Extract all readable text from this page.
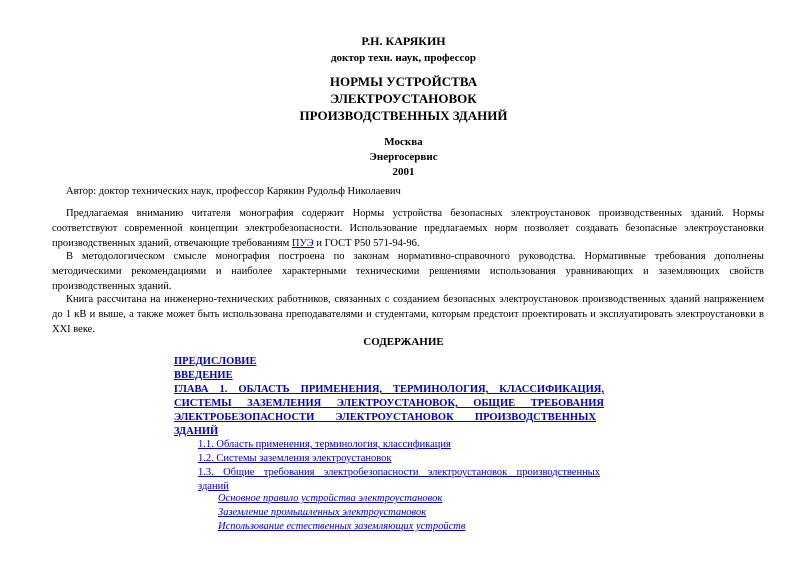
Р.Н. КАРЯКИН
доктор техн. наук, профессор
НОРМЫ УСТРОЙСТВА
ЭЛЕКТРОУСТАНОВОК
ПРОИЗВОДСТВЕННЫХ ЗДАНИЙ
Москва
Энергосервис
2001
Автор: доктор технических наук, профессор Карякин Рудольф Николаевич

Предлагаемая вниманию читателя монография содержит Нормы устройства безопасных электроустановок производственных зданий. Нормы соответствуют современной концепции электробезопасности. Использование предлагаемых норм позволяет создавать безопасные электроустановки производственных зданий, отвечающие требованиям ПУЭ и ГОСТ Р50 571-94-96.

В методологическом смысле монография построена по законам нормативно-справочного руководства. Нормативные требования дополнены методическими рекомендациями и наиболее характерными техническими решениями использования уравнивающих и заземляющих свойств производственных зданий.

Книга рассчитана на инженерно-технических работников, связанных с созданием безопасных электроустановок производственных зданий напряжением до 1 кВ и выше, а также может быть использована преподавателями и студентами, которым предстоит проектировать и эксплуатировать электроустановки в XXI веке.

СОДЕРЖАНИЕ
ПРЕДИСЛОВИЕ
ВВЕДЕНИЕ
ГЛАВА 1. ОБЛАСТЬ ПРИМЕНЕНИЯ, ТЕРМИНОЛОГИЯ, КЛАССИФИКАЦИЯ,
СИСТЕМЫ ЗАЗЕМЛЕНИЯ ЭЛЕКТРОУСТАНОВОК, ОБЩИЕ ТРЕБОВАНИЯ
ЭЛЕКТРОБЕЗОПАСНОСТИ ЭЛЕКТРОУСТАНОВОК ПРОИЗВОДСТВЕННЫХ
ЗДАНИЙ
1.1. Область применения, терминология, классификация
1.2. Системы заземления электроустановок
1.3. Общие требования электробезопасности электроустановок производственных
зданий
Основное правило устройства электроустановок
Заземление промышленных электроустановок
Использование естественных заземляющих устройств
